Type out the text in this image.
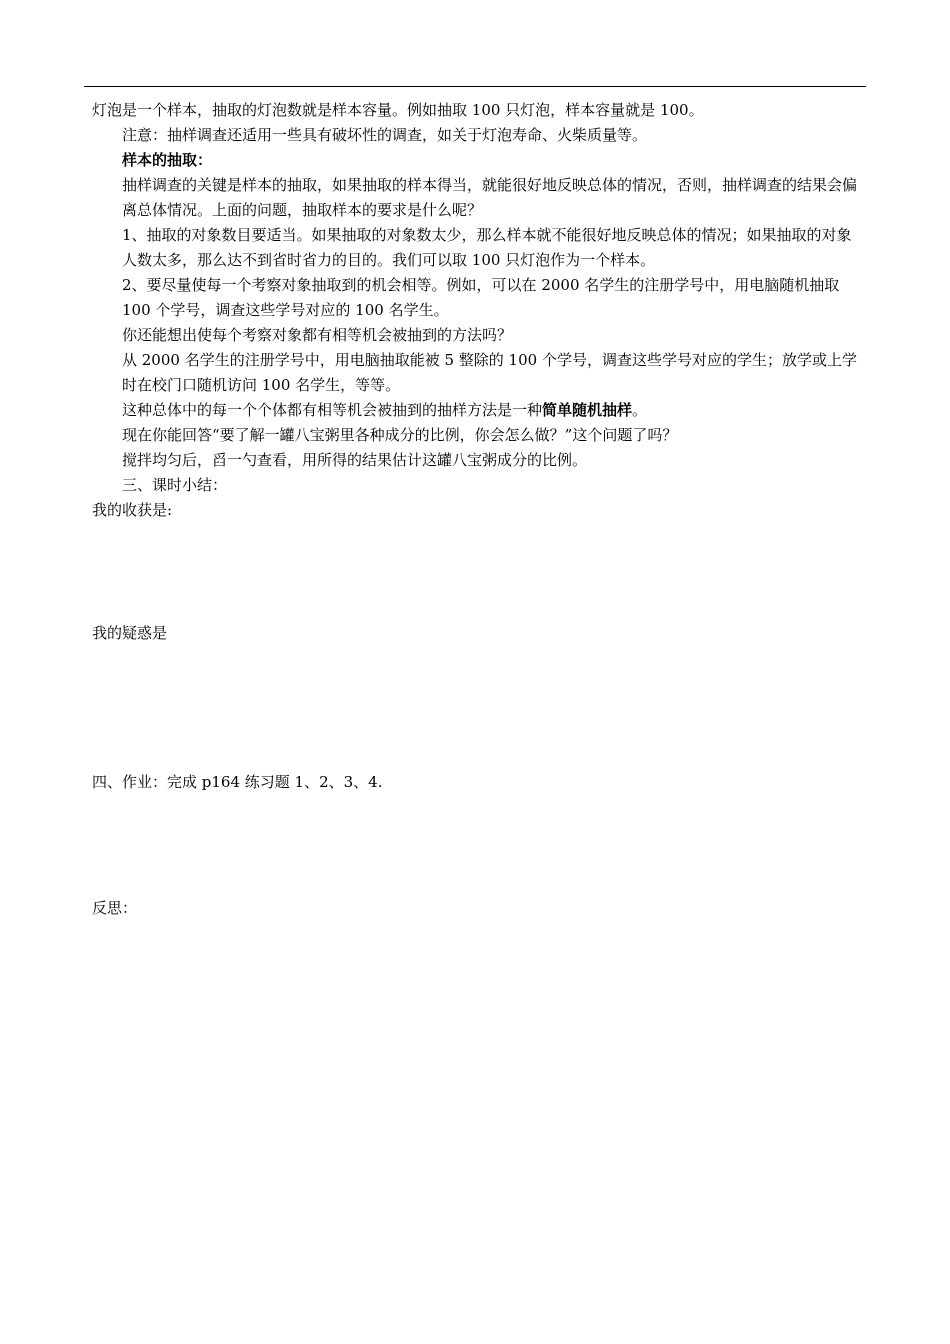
灯泡是一个样本，抽取的灯泡数就是样本容量。例如抽取 100 只灯泡，样本容量就是 100。

注意：抽样调查还适用一些具有破坏性的调查，如关于灯泡寿命、火柴质量等。

样本的抽取：

抽样调查的关键是样本的抽取，如果抽取的样本得当，就能很好地反映总体的情况，否则，抽样调查的结果会偏离总体情况。上面的问题，抽取样本的要求是什么呢？

1、抽取的对象数目要适当。如果抽取的对象数太少，那么样本就不能很好地反映总体的情况；如果抽取的对象人数太多，那么达不到省时省力的目的。我们可以取 100 只灯泡作为一个样本。

2、要尽量使每一个考察对象抽取到的机会相等。例如，可以在 2000 名学生的注册学号中，用电脑随机抽取 100 个学号，调查这些学号对应的 100 名学生。

你还能想出使每个考察对象都有相等机会被抽到的方法吗？

从 2000 名学生的注册学号中，用电脑抽取能被 5 整除的 100 个学号，调查这些学号对应的学生；放学或上学时在校门口随机访问 100 名学生，等等。

这种总体中的每一个个体都有相等机会被抽到的抽样方法是一种简单随机抽样。

现在你能回答“要了解一罐八宝粥里各种成分的比例，你会怎么做？”这个问题了吗？

搅拌均匀后，舀一勺查看，用所得的结果估计这罐八宝粥成分的比例。

三、课时小结：

我的收获是:

我的疑惑是

四、作业：完成 p164 练习题 1、2、3、4.

反思：
